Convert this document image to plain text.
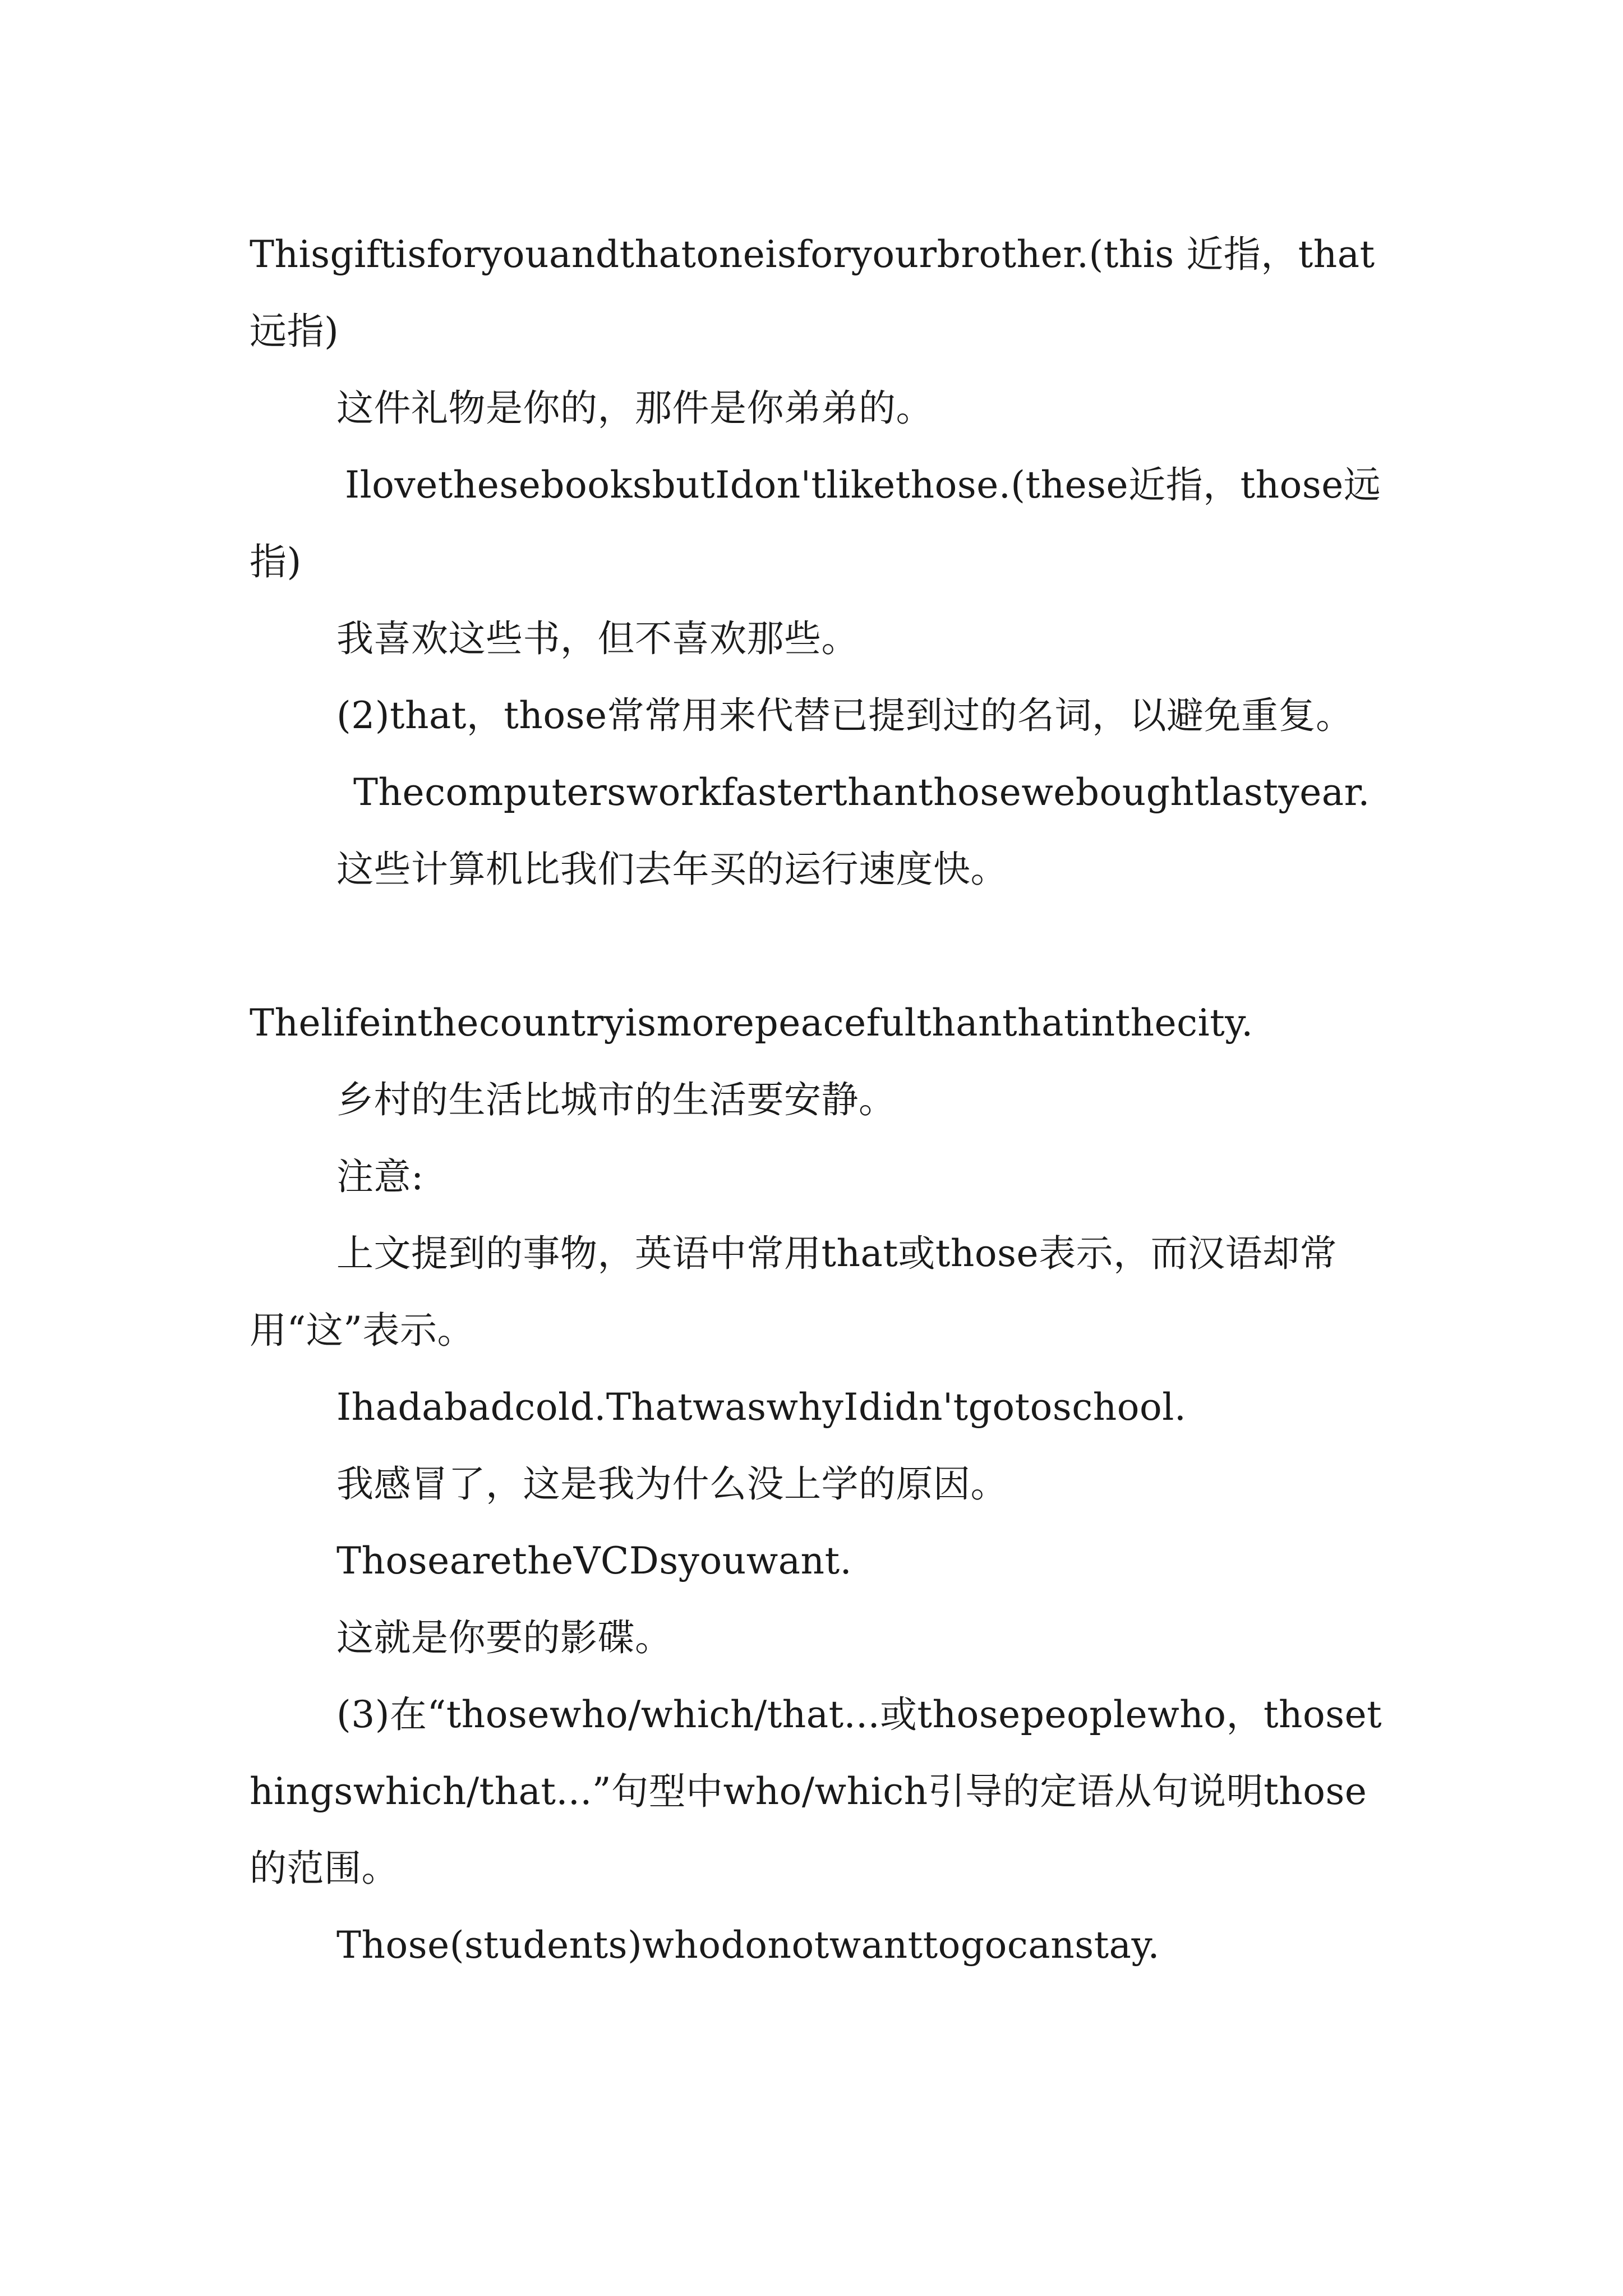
Thisgiftisforyouandthatoneisforyourbrother.(this 近指，that远指)

这件礼物是你的，那件是你弟弟的。

IlovethesebooksbutIdon'tlikethose.(these近指，those远指)

我喜欢这些书，但不喜欢那些。

(2)that，those常常用来代替已提到过的名词，以避免重复。

Thecomputersworkfasterthanthoseweboughtlastyear.

这些计算机比我们去年买的运行速度快。

Thelifeinthecountryismorepeacefulthanthatinthecity.

乡村的生活比城市的生活要安静。

注意:

上文提到的事物，英语中常用that或those表示，而汉语却常用“这”表示。

Ihadabadcold.ThatwaswhyIdidn'tgotoschool.

我感冒了，这是我为什么没上学的原因。

ThosearetheVCDsyouwant.

这就是你要的影碟。

(3)在“thosewho/which/that...或thosepeoplewho，thosethingswhich/that...”句型中who/which引导的定语从句说明those的范围。

Those(students)whodonotwanttogocanstay.
